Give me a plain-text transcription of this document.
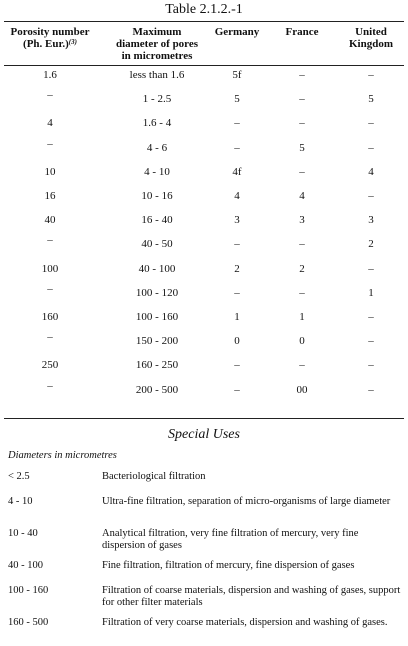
Table 2.1.2.-1
Porosity number
(Ph. Eur.)$^{(3)}$
Maximum
diameter of pores
in micrometres
Germany	France	United
Kingdom
1.6	less than 1.6	5f	–	–
–	1 - 2.5	5	–	5
4	1.6 - 4	–	–	–
–	4 - 6	–	5	–
10	4 - 10	4f	–	4
16	10 - 16	4	4	–
40	16 - 40	3	3	3
–	40 - 50	–	–	2
100	40 - 100	2	2	–
–	100 - 120	–	–	1
160	100 - 160	1	1	–
–	150 - 200	0	0	–
250	160 - 250	–	–	–
–	200 - 500	–	00	–
Special Uses
Diameters in micrometres
< 2.5	Bacteriological filtration
4 - 10	Ultra-fine filtration, separation of micro-organisms of large diameter
10 - 40	Analytical filtration, very fine filtration of mercury, very fine dispersion of gases
40 - 100	Fine filtration, filtration of mercury, fine dispersion of gases
100 - 160	Filtration of coarse materials, dispersion and washing of gases, support for other filter materials
160 - 500	Filtration of very coarse materials, dispersion and washing of gases.
